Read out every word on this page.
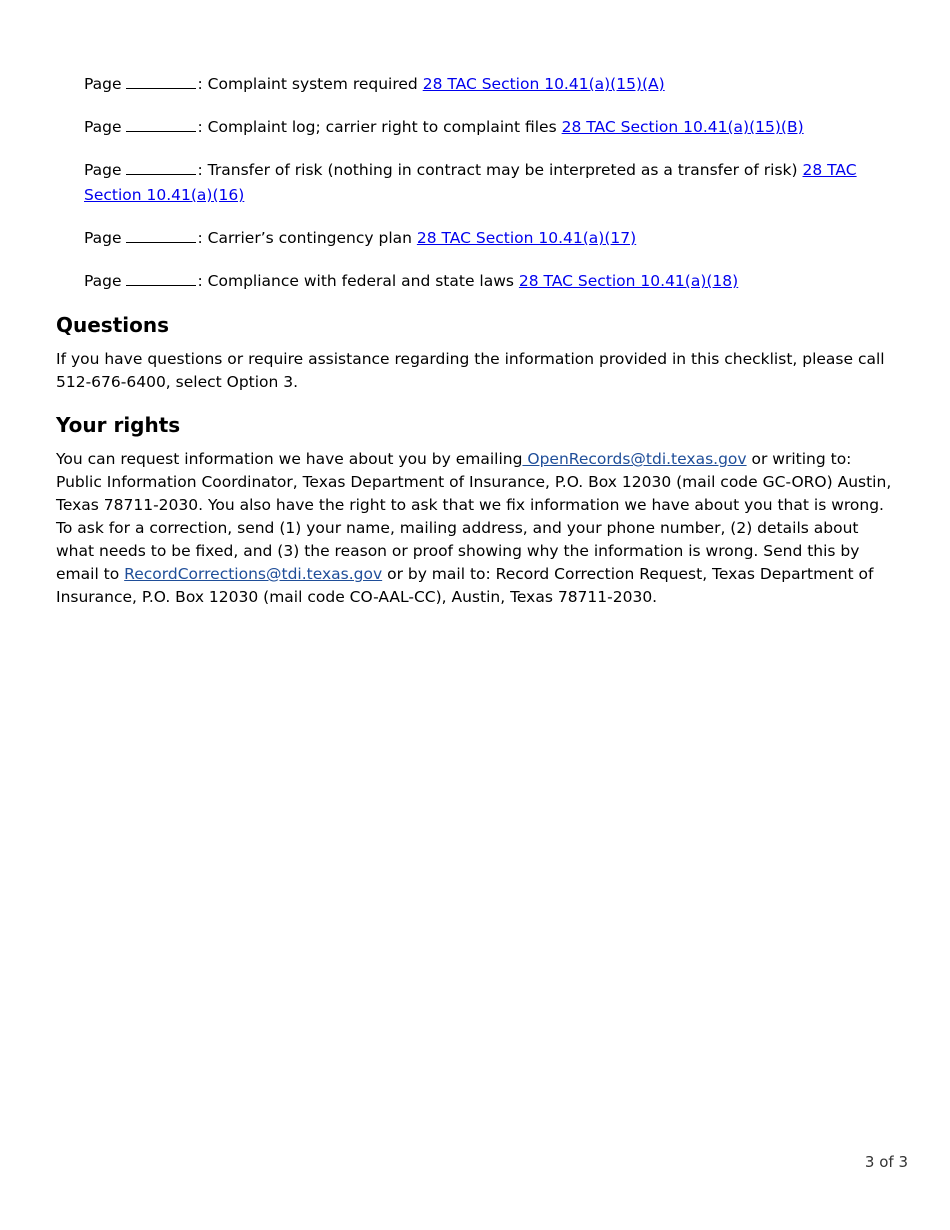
Page	: Complaint system required 28 TAC Section 10.41(a)(15)(A)
Page	: Complaint log; carrier right to complaint files 28 TAC Section 10.41(a)(15)(B)
Page	: Transfer of risk (nothing in contract may be interpreted as a transfer of risk) 28 TAC Section 10.41(a)(16)
Page	: Carrier’s contingency plan 28 TAC Section 10.41(a)(17)
Page	: Compliance with federal and state laws 28 TAC Section 10.41(a)(18)
Questions

If you have questions or require assistance regarding the information provided in this checklist, please call 512-676-6400, select Option 3.

Your rights

You can request information we have about you by emailing OpenRecords@tdi.texas.gov or writing to: Public Information Coordinator, Texas Department of Insurance, P.O. Box 12030 (mail code GC-ORO) Austin, Texas 78711-2030. You also have the right to ask that we fix information we have about you that is wrong. To ask for a correction, send (1) your name, mailing address, and your phone number, (2) details about what needs to be fixed, and (3) the reason or proof showing why the information is wrong. Send this by email to RecordCorrections@tdi.texas.gov or by mail to: Record Correction Request, Texas Department of Insurance, P.O. Box 12030 (mail code CO-AAL-CC), Austin, Texas 78711-2030.

3 of 3
